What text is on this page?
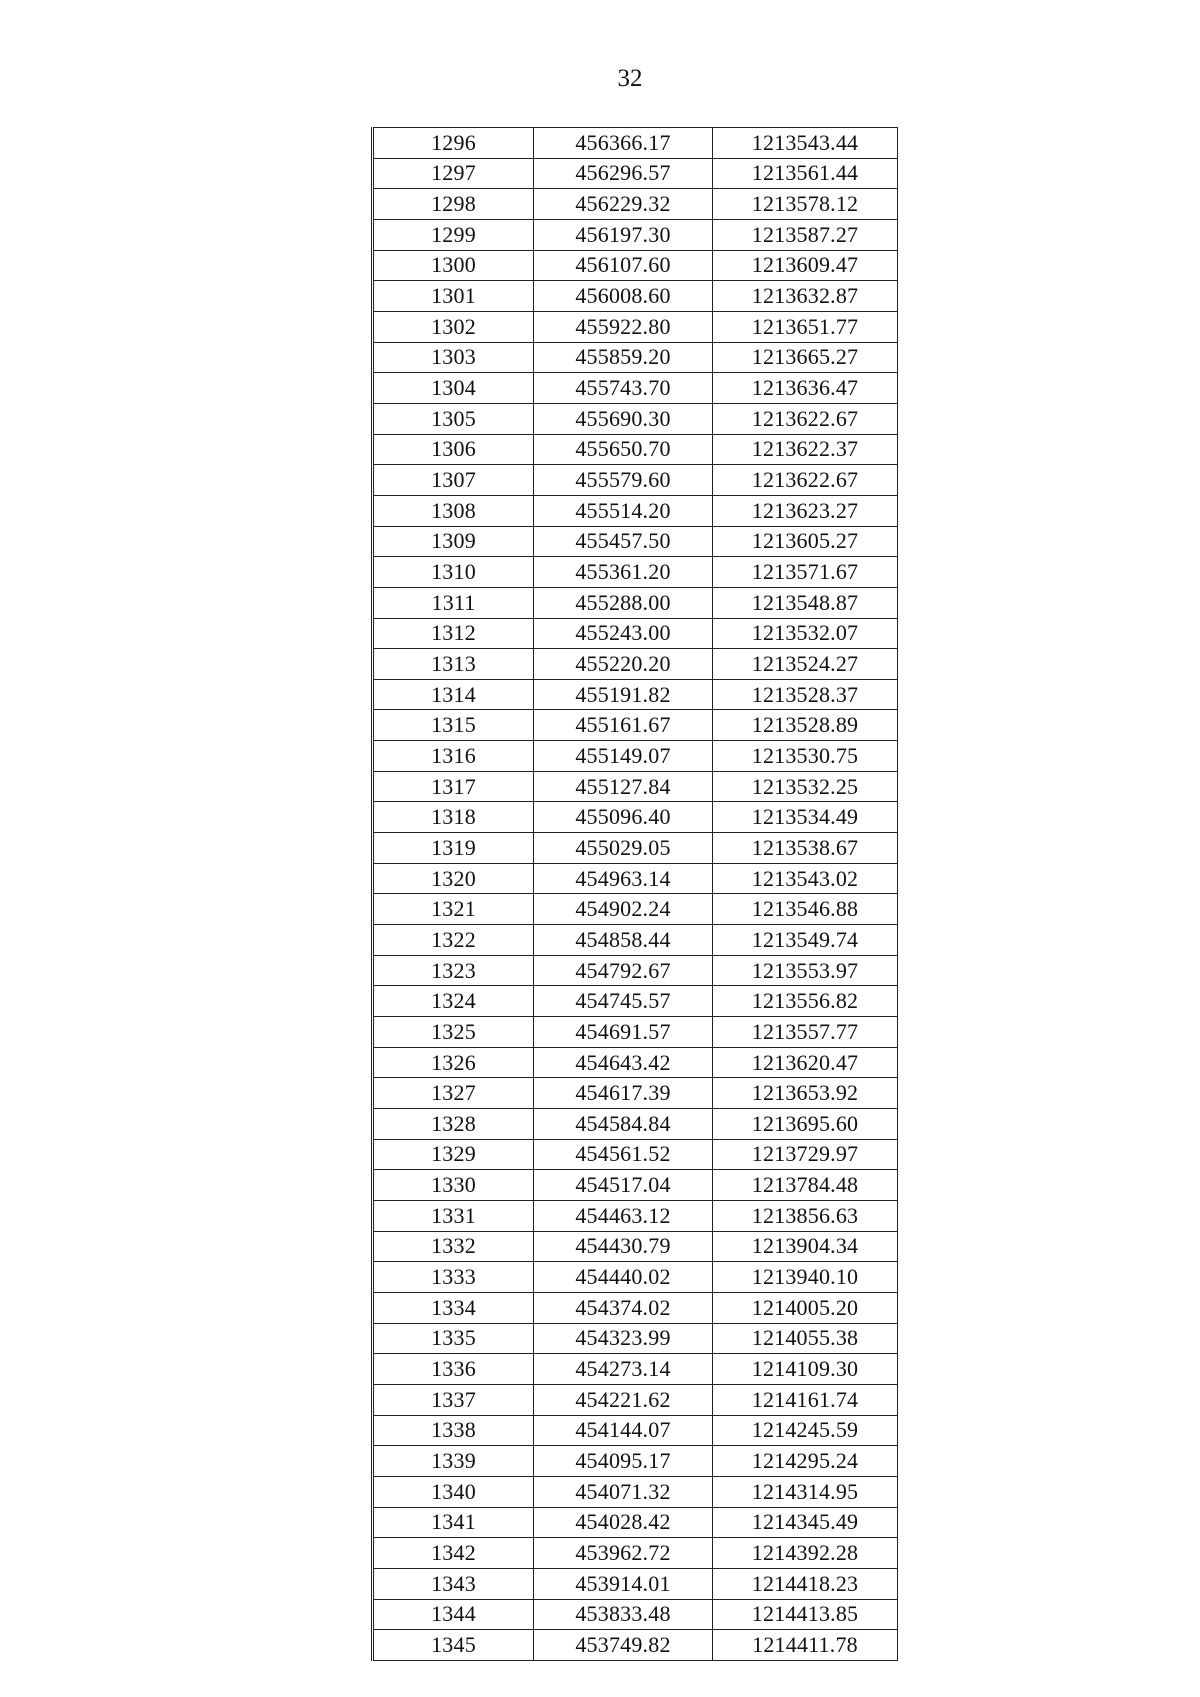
32
1296	456366.17	1213543.44
1297	456296.57	1213561.44
1298	456229.32	1213578.12
1299	456197.30	1213587.27
1300	456107.60	1213609.47
1301	456008.60	1213632.87
1302	455922.80	1213651.77
1303	455859.20	1213665.27
1304	455743.70	1213636.47
1305	455690.30	1213622.67
1306	455650.70	1213622.37
1307	455579.60	1213622.67
1308	455514.20	1213623.27
1309	455457.50	1213605.27
1310	455361.20	1213571.67
1311	455288.00	1213548.87
1312	455243.00	1213532.07
1313	455220.20	1213524.27
1314	455191.82	1213528.37
1315	455161.67	1213528.89
1316	455149.07	1213530.75
1317	455127.84	1213532.25
1318	455096.40	1213534.49
1319	455029.05	1213538.67
1320	454963.14	1213543.02
1321	454902.24	1213546.88
1322	454858.44	1213549.74
1323	454792.67	1213553.97
1324	454745.57	1213556.82
1325	454691.57	1213557.77
1326	454643.42	1213620.47
1327	454617.39	1213653.92
1328	454584.84	1213695.60
1329	454561.52	1213729.97
1330	454517.04	1213784.48
1331	454463.12	1213856.63
1332	454430.79	1213904.34
1333	454440.02	1213940.10
1334	454374.02	1214005.20
1335	454323.99	1214055.38
1336	454273.14	1214109.30
1337	454221.62	1214161.74
1338	454144.07	1214245.59
1339	454095.17	1214295.24
1340	454071.32	1214314.95
1341	454028.42	1214345.49
1342	453962.72	1214392.28
1343	453914.01	1214418.23
1344	453833.48	1214413.85
1345	453749.82	1214411.78
